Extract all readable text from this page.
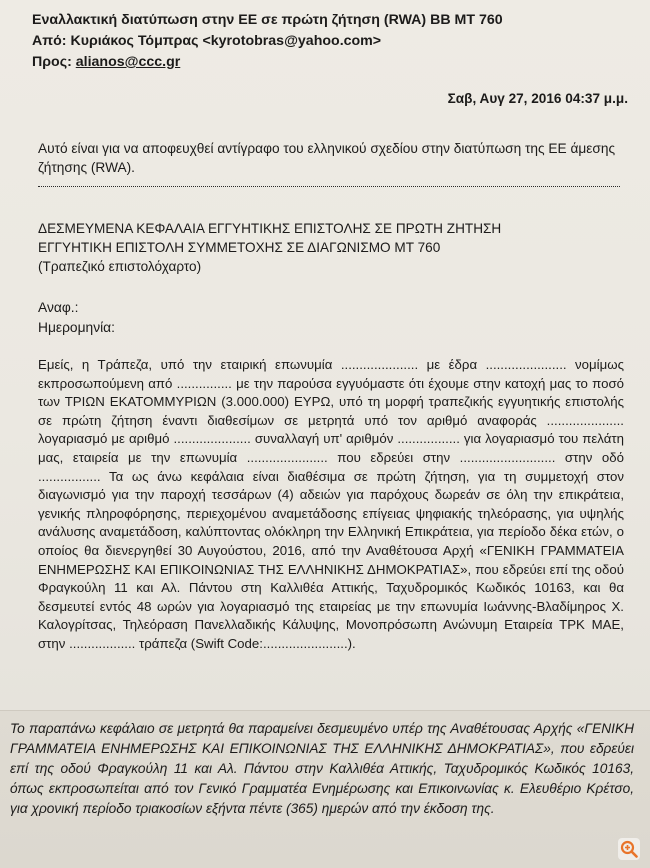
Εναλλακτική διατύπωση στην ΕΕ σε πρώτη ζήτηση (RWA) ΒΒ ΜΤ 760
Από: Κυριάκος Τόμπρας <kyrotobras@yahoo.com>
Προς: alianos@ccc.gr
Σαβ, Αυγ 27, 2016 04:37 μ.μ.
Αυτό είναι για να αποφευχθεί αντίγραφο του ελληνικού σχεδίου στην διατύπωση της ΕΕ άμεσης ζήτησης (RWA).
ΔΕΣΜΕΥΜΕΝΑ ΚΕΦΑΛΑΙΑ ΕΓΓΥΗΤΙΚΗΣ ΕΠΙΣΤΟΛΗΣ ΣΕ ΠΡΩΤΗ ΖΗΤΗΣΗ
ΕΓΓΥΗΤΙΚΗ ΕΠΙΣΤΟΛΗ ΣΥΜΜΕΤΟΧΗΣ ΣΕ ΔΙΑΓΩΝΙΣΜΟ ΜΤ 760
(Τραπεζικό επιστολόχαρτο)
Αναφ.:
Ημερομηνία:

Εμείς, η Τράπεζα, υπό την εταιρική επωνυμία ..................... με έδρα ...................... νομίμως εκπροσωπούμενη από ............... με την παρούσα εγγυόμαστε ότι έχουμε στην κατοχή μας το ποσό των ΤΡΙΩΝ ΕΚΑΤΟΜΜΥΡΙΩΝ (3.000.000) ΕΥΡΩ, υπό τη μορφή τραπεζικής εγγυητικής επιστολής σε πρώτη ζήτηση έναντι διαθεσίμων σε μετρητά υπό τον αριθμό αναφοράς ..................... λογαριασμό με αριθμό ..................... συναλλαγή υπ' αριθμόν ................. για λογαριασμό του πελάτη μας, εταιρεία με την επωνυμία ...................... που εδρεύει στην .......................... στην οδό ................. Τα ως άνω κεφάλαια είναι διαθέσιμα σε πρώτη ζήτηση, για τη συμμετοχή στον διαγωνισμό για την παροχή τεσσάρων (4) αδειών για παρόχους δωρεάν σε όλη την επικράτεια, γενικής πληροφόρησης, περιεχομένου αναμετάδοσης επίγειας ψηφιακής τηλεόρασης, για υψηλής ανάλυσης αναμετάδοση, καλύπτοντας ολόκληρη την Ελληνική Επικράτεια, για περίοδο δέκα ετών, ο οποίος θα διενεργηθεί 30 Αυγούστου, 2016, από την Αναθέτουσα Αρχή «ΓΕΝΙΚΗ ΓΡΑΜΜΑΤΕΙΑ ΕΝΗΜΕΡΩΣΗΣ ΚΑΙ ΕΠΙΚΟΙΝΩΝΙΑΣ ΤΗΣ ΕΛΛΗΝΙΚΗΣ ΔΗΜΟΚΡΑΤΙΑΣ», που εδρεύει επί της οδού Φραγκούλη 11 και Αλ. Πάντου στη Καλλιθέα Αττικής, Ταχυδρομικός Κωδικός 10163, και θα δεσμευτεί εντός 48 ωρών για λογαριασμό της εταιρείας με την επωνυμία Ιωάννης-Βλαδίμηρος Χ. Καλογρίτσας, Τηλεόραση Πανελλαδικής Κάλυψης, Μονοπρόσωπη Ανώνυμη Εταιρεία ΤΡΚ ΜΑΕ, στην .................. τράπεζα (Swift Code:.......................).

Το παραπάνω κεφάλαιο σε μετρητά θα παραμείνει δεσμευμένο υπέρ της Αναθέτουσας Αρχής «ΓΕΝΙΚΗ ΓΡΑΜΜΑΤΕΙΑ ΕΝΗΜΕΡΩΣΗΣ ΚΑΙ ΕΠΙΚΟΙΝΩΝΙΑΣ ΤΗΣ ΕΛΛΗΝΙΚΗΣ ΔΗΜΟΚΡΑΤΙΑΣ», που εδρεύει επί της οδού Φραγκούλη 11 και Αλ. Πάντου στην Καλλιθέα Αττικής, Ταχυδρομικός Κωδικός 10163, όπως εκπροσωπείται από τον Γενικό Γραμματέα Ενημέρωσης και Επικοινωνίας κ. Ελευθέριο Κρέτσο, για χρονική περίοδο τριακοσίων εξήντα πέντε (365) ημερών από την έκδοση της.
